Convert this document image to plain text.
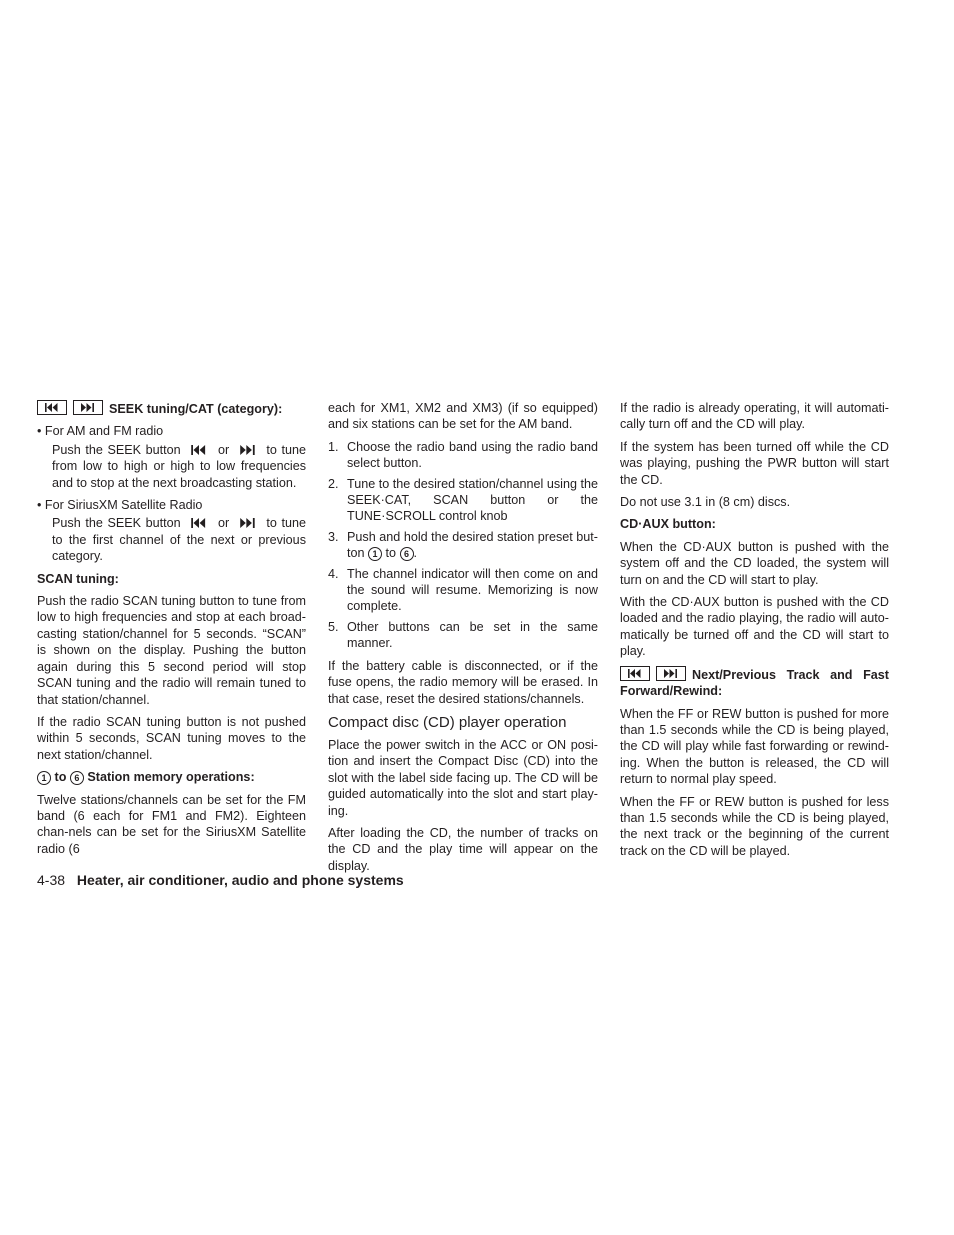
SEEK tuning/CAT (category):
• For AM and FM radio

Push the SEEK button	or	to tune from low to high or high to low frequencies and to stop at the next broadcasting station.

• For SiriusXM Satellite Radio

Push the SEEK button	or	to tune to the first channel of the next or previous category.

SCAN tuning:

Push the radio SCAN tuning button to tune from low to high frequencies and stop at each broad-casting station/channel for 5 seconds. “SCAN” is shown on the display. Pushing the button again during this 5 second period will stop SCAN tuning and the radio will remain tuned to that station/channel.

If the radio SCAN tuning button is not pushed within 5 seconds, SCAN tuning moves to the next station/channel.

1 to 6 Station memory operations:

Twelve stations/channels can be set for the FM band (6 each for FM1 and FM2). Eighteen chan-nels can be set for the SiriusXM Satellite radio (6

each for XM1, XM2 and XM3) (if so equipped) and six stations can be set for the AM band.

1. Choose the radio band using the radio band select button.
2. Tune to the desired station/channel using the SEEK·CAT, SCAN button or the TUNE·SCROLL control knob
3. Push and hold the desired station preset but-ton 1 to 6 .
4. The channel indicator will then come on and the sound will resume. Memorizing is now complete.
5. Other buttons can be set in the same manner.

If the battery cable is disconnected, or if the fuse opens, the radio memory will be erased. In that case, reset the desired stations/channels.

Compact disc (CD) player operation

Place the power switch in the ACC or ON posi-tion and insert the Compact Disc (CD) into the slot with the label side facing up. The CD will be guided automatically into the slot and start play-ing.

After loading the CD, the number of tracks on the CD and the play time will appear on the display.

If the radio is already operating, it will automati-cally turn off and the CD will play.

If the system has been turned off while the CD was playing, pushing the PWR button will start the CD.

Do not use 3.1 in (8 cm) discs.

CD·AUX button:

When the CD·AUX button is pushed with the system off and the CD loaded, the system will turn on and the CD will start to play.

With the CD·AUX button is pushed with the CD loaded and the radio playing, the radio will auto-matically be turned off and the CD will start to play.

Next/Previous Track and Fast Forward/Rewind:

When the FF or REW button is pushed for more than 1.5 seconds while the CD is being played, the CD will play while fast forwarding or rewind-ing. When the button is released, the CD will return to normal play speed.

When the FF or REW button is pushed for less than 1.5 seconds while the CD is being played, the next track or the beginning of the current track on the CD will be played.

4-38 Heater, air conditioner, audio and phone systems
